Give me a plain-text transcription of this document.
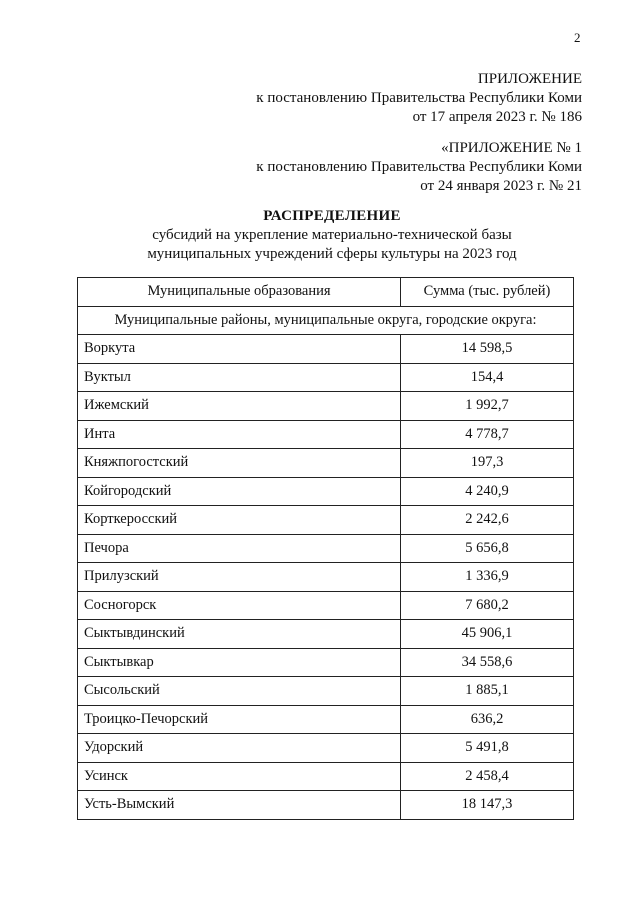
2
ПРИЛОЖЕНИЕ
к постановлению Правительства Республики Коми
от 17 апреля 2023 г. № 186
«ПРИЛОЖЕНИЕ № 1
к постановлению Правительства Республики Коми
от 24 января 2023 г. № 21
РАСПРЕДЕЛЕНИЕ
субсидий на укрепление материально-технической базы
муниципальных учреждений сферы культуры на 2023 год
Муниципальные образования	Сумма (тыс. рублей)
Муниципальные районы, муниципальные округа, городские округа:	
Воркута	14 598,5
Вуктыл	154,4
Ижемский	1 992,7
Инта	4 778,7
Княжпогостский	197,3
Койгородский	4 240,9
Корткеросский	2 242,6
Печора	5 656,8
Прилузский	1 336,9
Сосногорск	7 680,2
Сыктывдинский	45 906,1
Сыктывкар	34 558,6
Сысольский	1 885,1
Троицко-Печорский	636,2
Удорский	5 491,8
Усинск	2 458,4
Усть-Вымский	18 147,3
